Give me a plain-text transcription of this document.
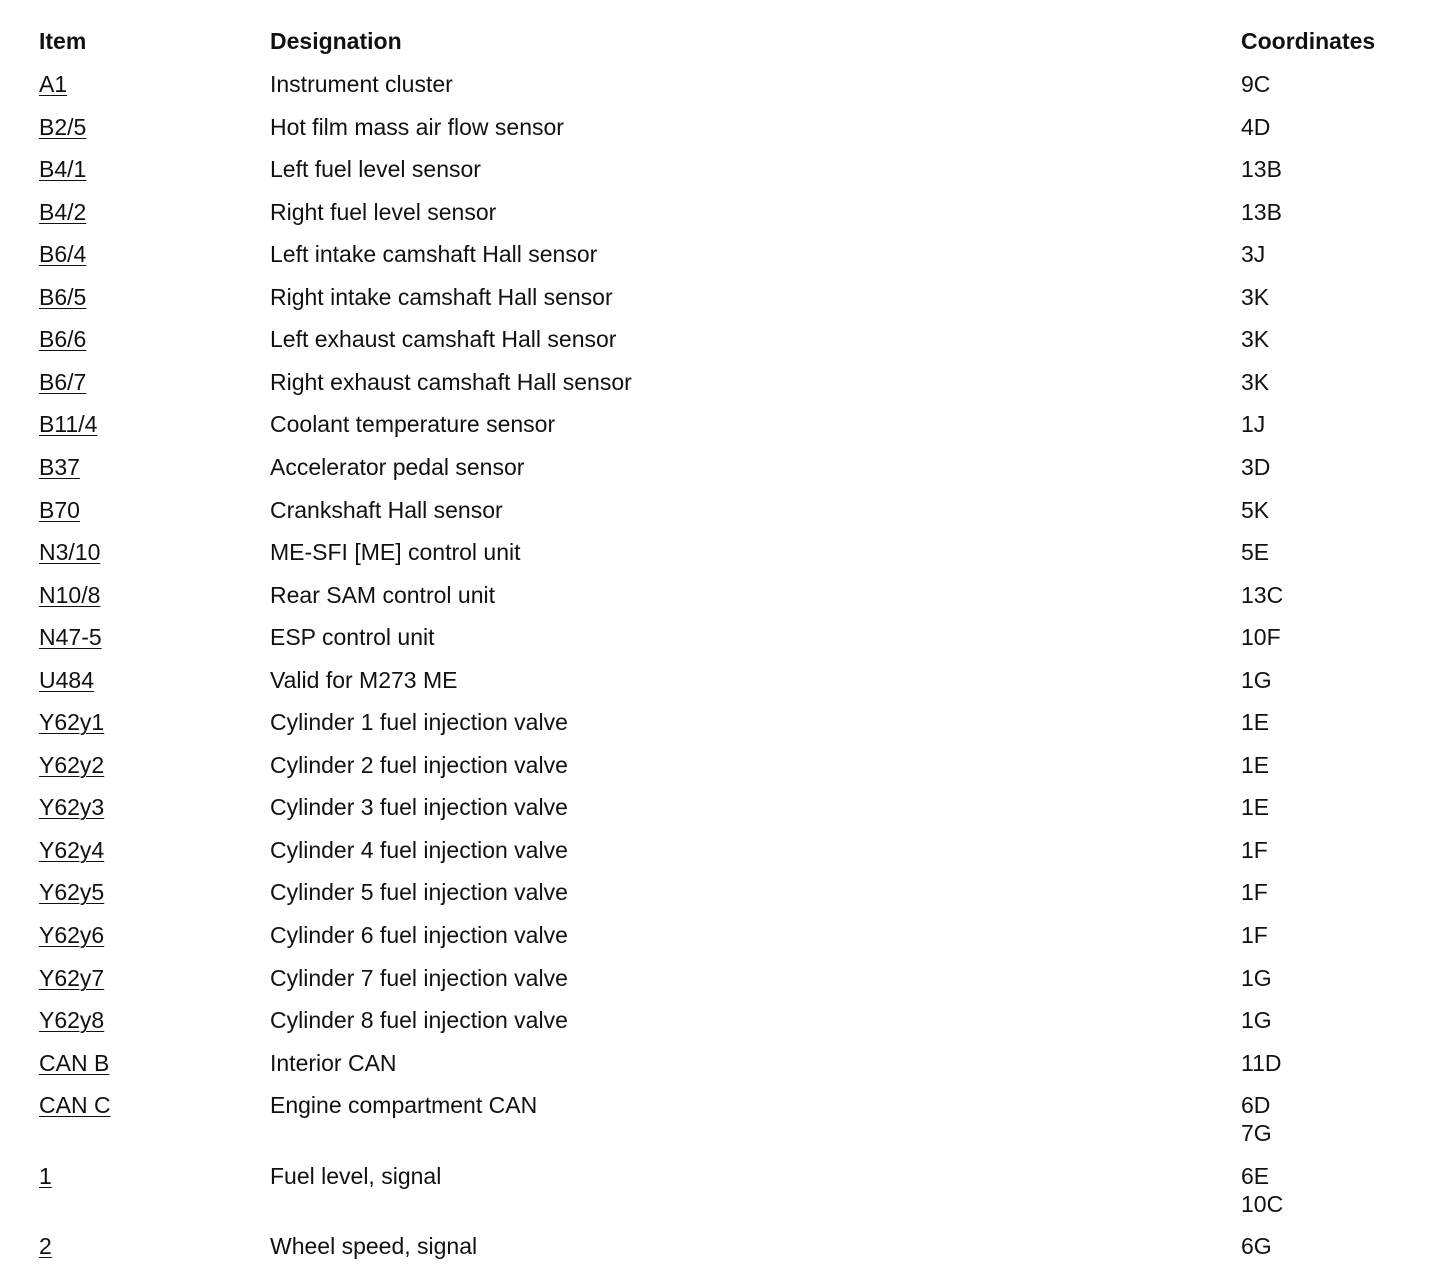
Item	Designation	Coordinates
A1	Instrument cluster	9C
B2/5	Hot film mass air flow sensor	4D
B4/1	Left fuel level sensor	13B
B4/2	Right fuel level sensor	13B
B6/4	Left intake camshaft Hall sensor	3J
B6/5	Right intake camshaft Hall sensor	3K
B6/6	Left exhaust camshaft Hall sensor	3K
B6/7	Right exhaust camshaft Hall sensor	3K
B11/4	Coolant temperature sensor	1J
B37	Accelerator pedal sensor	3D
B70	Crankshaft Hall sensor	5K
N3/10	ME-SFI [ME] control unit	5E
N10/8	Rear SAM control unit	13C
N47-5	ESP control unit	10F
U484	Valid for M273 ME	1G
Y62y1	Cylinder 1 fuel injection valve	1E
Y62y2	Cylinder 2 fuel injection valve	1E
Y62y3	Cylinder 3 fuel injection valve	1E
Y62y4	Cylinder 4 fuel injection valve	1F
Y62y5	Cylinder 5 fuel injection valve	1F
Y62y6	Cylinder 6 fuel injection valve	1F
Y62y7	Cylinder 7 fuel injection valve	1G
Y62y8	Cylinder 8 fuel injection valve	1G
CAN B	Interior CAN	11D
CAN C	Engine compartment CAN	6D
7G
1	Fuel level, signal	6E
10C
2	Wheel speed, signal	6G
